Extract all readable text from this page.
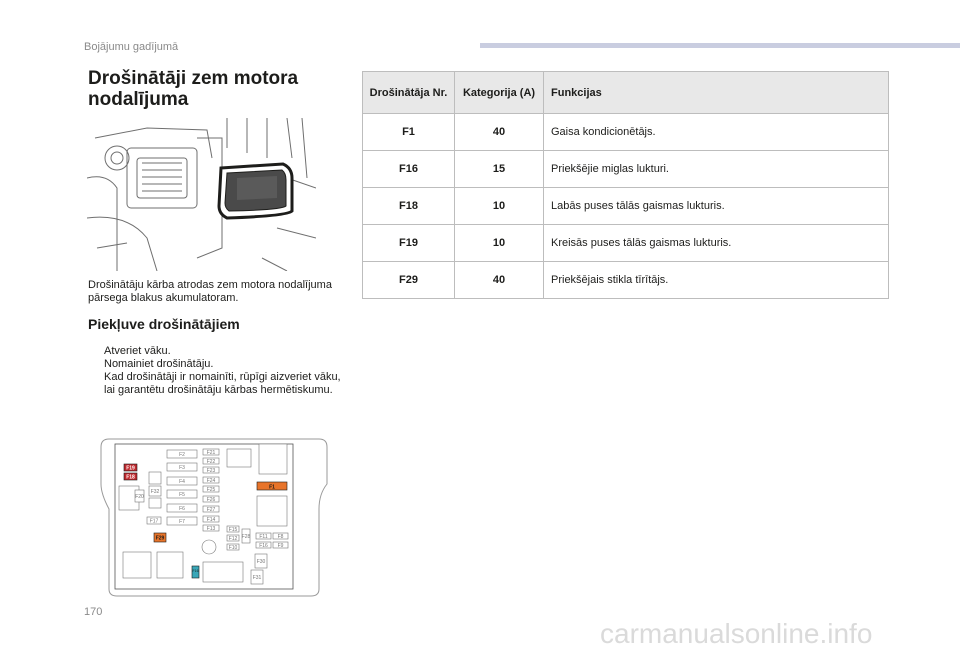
Bojājumu gadījumā
Drošinātāji zem motora nodalījuma
Drošinātāju kārba atrodas zem motora nodalījuma pārsega blakus akumulatoram.
Piekļuve drošinātājiem
Atveriet vāku.
Nomainiet drošinātāju.
Kad drošinātāji ir nomainīti, rūpīgi aizveriet vāku, lai garantētu drošinātāju kārbas hermētiskumu.
F19
F18
F20
F32
F17
F29
F2
F3
F4
F5
F6
F7
F21
F22
F23
F24
F25
F26
F27
F14
F13
F1
F15
F12
F10
F28 F11 F8
F16 F9
F30
F31
F16
Drošinātāja Nr.	Kategorija (A)	Funkcijas
F1	40	Gaisa kondicionētājs.
F16	15	Priekšējie miglas lukturi.
F18	10	Labās puses tālās gaismas lukturis.
F19	10	Kreisās puses tālās gaismas lukturis.
F29	40	Priekšējais stikla tīrītājs.
170
carmanualsonline.info
